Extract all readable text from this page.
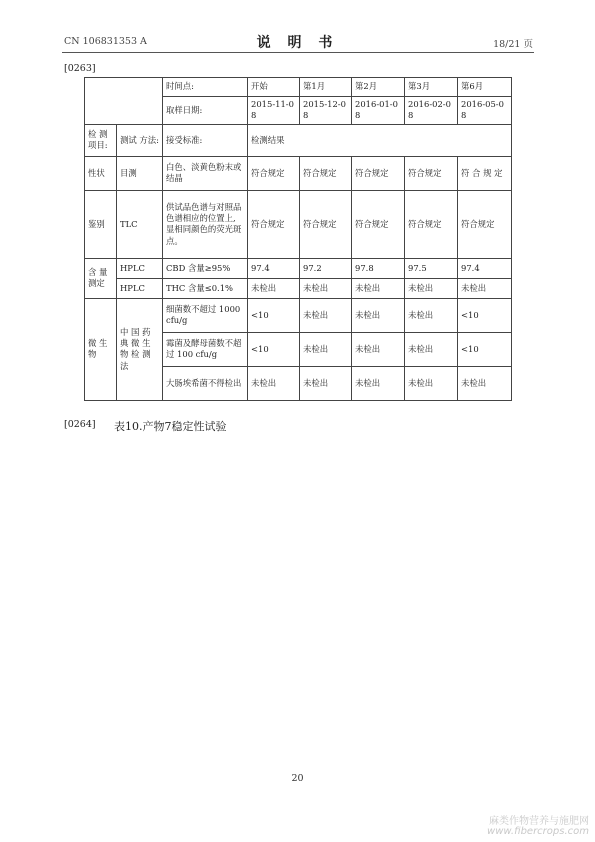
CN 106831353 A	说 明 书	18/21 页
[0263]
		时间点:	开始	第1月	第2月	第3月	第6月
		取样日期:	2015-11-08	2015-12-08	2016-01-08	2016-02-08	2016-05-08
检 测 项目:	测试 方法:	接受标准:	检测结果				
性状	目测	白色、淡黄色粉末或结晶	符合规定	符合规定	符合规定	符合规定	符 合 规 定
鉴别	TLC	供试品色谱与对照品色谱相应的位置上,显相同颜色的荧光斑点。	符合规定	符合规定	符合规定	符合规定	符合规定
含 量 测定	HPLC	CBD 含量≥95%	97.4	97.2	97.8	97.5	97.4
	HPLC	THC 含量≤0.1%	未检出	未检出	未检出	未检出	未检出
微 生 物	中 国 药 典 微 生 物 检 测 法	细菌数不超过 1000 cfu/g	<10	未检出	未检出	未检出	<10
		霉菌及酵母菌数不超过 100 cfu/g	<10	未检出	未检出	未检出	<10
		大肠埃希菌不得检出	未检出	未检出	未检出	未检出	未检出
[0264] 表10.产物7稳定性试验
20
麻类作物营养与施肥网
www.fibercrops.com
